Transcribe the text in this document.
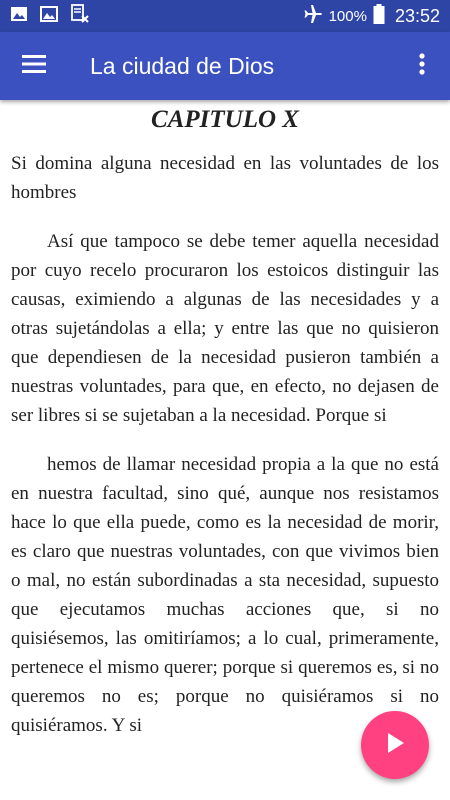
100% 23:52
La ciudad de Dios
CAPITULO X

Si domina alguna necesidad en las voluntades de los hombres

Así que tampoco se debe temer aquella necesidad por cuyo recelo procuraron los estoicos distinguir las causas, eximiendo a algunas de las necesidades y a otras sujetándolas a ella; y entre las que no quisieron que dependiesen de la necesidad pusieron también a nuestras voluntades, para que, en efecto, no dejasen de ser libres si se sujetaban a la necesidad. Porque si

hemos de llamar necesidad propia a la que no está en nuestra facultad, sino qué, aunque nos resistamos hace lo que ella puede, como es la necesidad de morir, es claro que nuestras voluntades, con que vivimos bien o mal, no están subordinadas a sta necesidad, supuesto que ejecutamos muchas acciones que, si no quisiésemos, las omitiríamos; a lo cual, primeramente, pertenece el mismo querer; porque si queremos es, si no queremos no es; porque no quisiéramos si no quisiéramos. Y si
